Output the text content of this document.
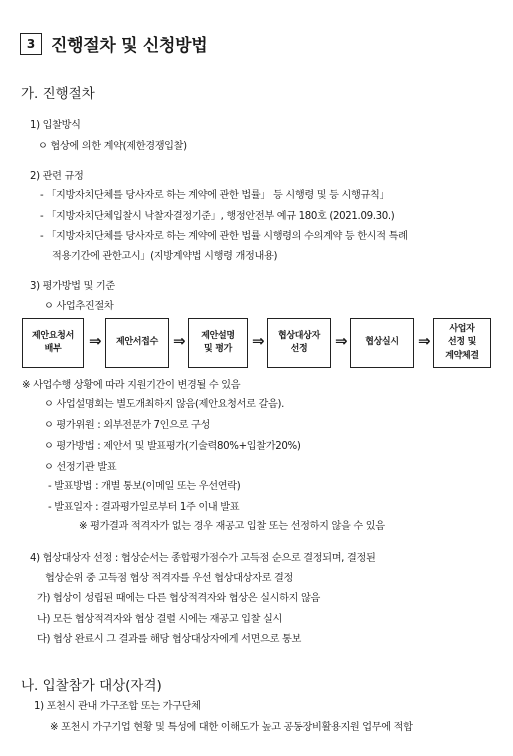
3 진행절차 및 신청방법
가. 진행절차
1) 입찰방식
ㅇ 협상에 의한 계약(제한경쟁입찰)
2) 관련 규정
- 「지방자치단체를 당사자로 하는 계약에 관한 법률」 등 시행령 및 등 시행규칙」
- 「지방자치단체입찰시 낙찰자결정기준」, 행정안전부 예규 180호 (2021.09.30.)
- 「지방자치단체를 당사자로 하는 계약에 관한 법률 시행령의 수의계약 등 한시적 특례
적용기간에 관한고시」(지방계약법 시행령 개정내용)
3) 평가방법 및 기준
ㅇ 사업추진절차
제안요청서
배부	⇒ 제안서접수 ⇒ 제안설명
및 평가 ⇒ 협상대상자
선정	⇒ 협상실시 ⇒
사업자
선정 및
계약체결
※ 사업수행 상황에 따라 지원기간이 변경될 수 있음
ㅇ 사업설명회는 별도개최하지 않음(제안요청서로 갈음).
ㅇ 평가위원 : 외부전문가 7인으로 구성
ㅇ 평가방법 : 제안서 및 발표평가(기술력80%+입찰가20%)
ㅇ 선정기관 발표
- 발표방법 : 개별 통보(이메일 또는 우선연락)
- 발표일자 : 결과평가일로부터 1주 이내 발표
※ 평가결과 적격자가 없는 경우 재공고 입찰 또는 선정하지 않을 수 있음
4) 협상대상자 선정 : 협상순서는 종합평가점수가 고득점 순으로 결정되며, 결정된
협상순위 중 고득점 협상 적격자를 우선 협상대상자로 결정
가) 협상이 성립된 때에는 다른 협상적격자와 협상은 실시하지 않음
나) 모든 협상적격자와 협상 결렬 시에는 재공고 입찰 실시
다) 협상 완료시 그 결과를 해당 협상대상자에게 서면으로 통보
나. 입찰참가 대상(자격)
1) 포천시 관내 가구조합 또는 가구단체
※ 포천시 가구기업 현황 및 특성에 대한 이해도가 높고 공동장비활용지원 업무에 적합
